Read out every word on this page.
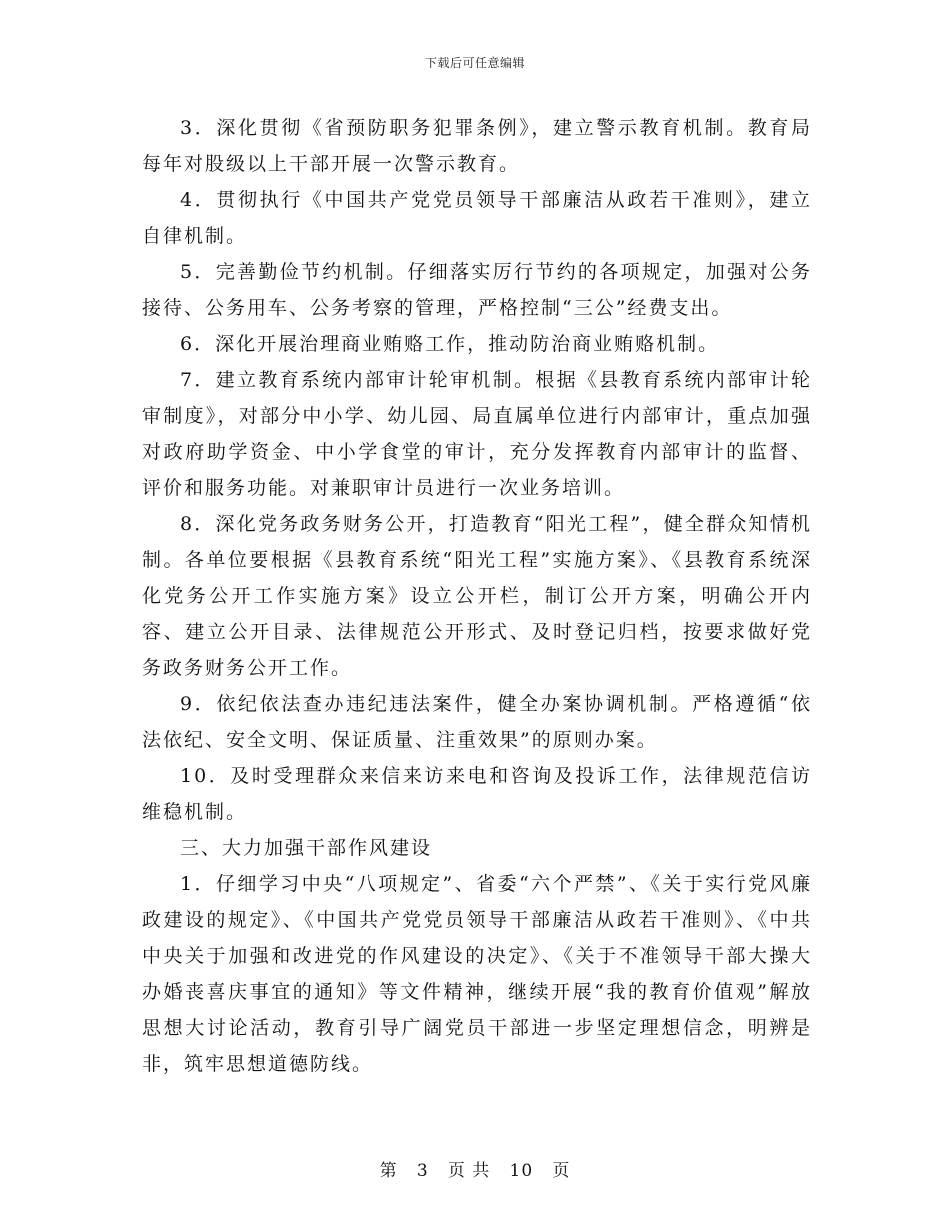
下载后可任意编辑

3．深化贯彻《省预防职务犯罪条例》，建立警示教育机制。教育局每年对股级以上干部开展一次警示教育。

4．贯彻执行《中国共产党党员领导干部廉洁从政若干准则》，建立自律机制。

5．完善勤俭节约机制。仔细落实厉行节约的各项规定，加强对公务接待、公务用车、公务考察的管理，严格控制“三公”经费支出。

6．深化开展治理商业贿赂工作，推动防治商业贿赂机制。

7．建立教育系统内部审计轮审机制。根据《县教育系统内部审计轮审制度》，对部分中小学、幼儿园、局直属单位进行内部审计，重点加强对政府助学资金、中小学食堂的审计，充分发挥教育内部审计的监督、评价和服务功能。对兼职审计员进行一次业务培训。

8．深化党务政务财务公开，打造教育“阳光工程”，健全群众知情机制。各单位要根据《县教育系统“阳光工程”实施方案》、《县教育系统深化党务公开工作实施方案》设立公开栏，制订公开方案，明确公开内容、建立公开目录、法律规范公开形式、及时登记归档，按要求做好党务政务财务公开工作。

9．依纪依法查办违纪违法案件，健全办案协调机制。严格遵循“依法依纪、安全文明、保证质量、注重效果”的原则办案。

10．及时受理群众来信来访来电和咨询及投诉工作，法律规范信访维稳机制。

三、大力加强干部作风建设

1．仔细学习中央“八项规定”、省委“六个严禁”、《关于实行党风廉政建设的规定》、《中国共产党党员领导干部廉洁从政若干准则》、《中共中央关于加强和改进党的作风建设的决定》、《关于不准领导干部大操大办婚丧喜庆事宜的通知》等文件精神，继续开展“我的教育价值观”解放思想大讨论活动，教育引导广阔党员干部进一步坚定理想信念，明辨是非，筑牢思想道德防线。

第 3 页 共 10 页
